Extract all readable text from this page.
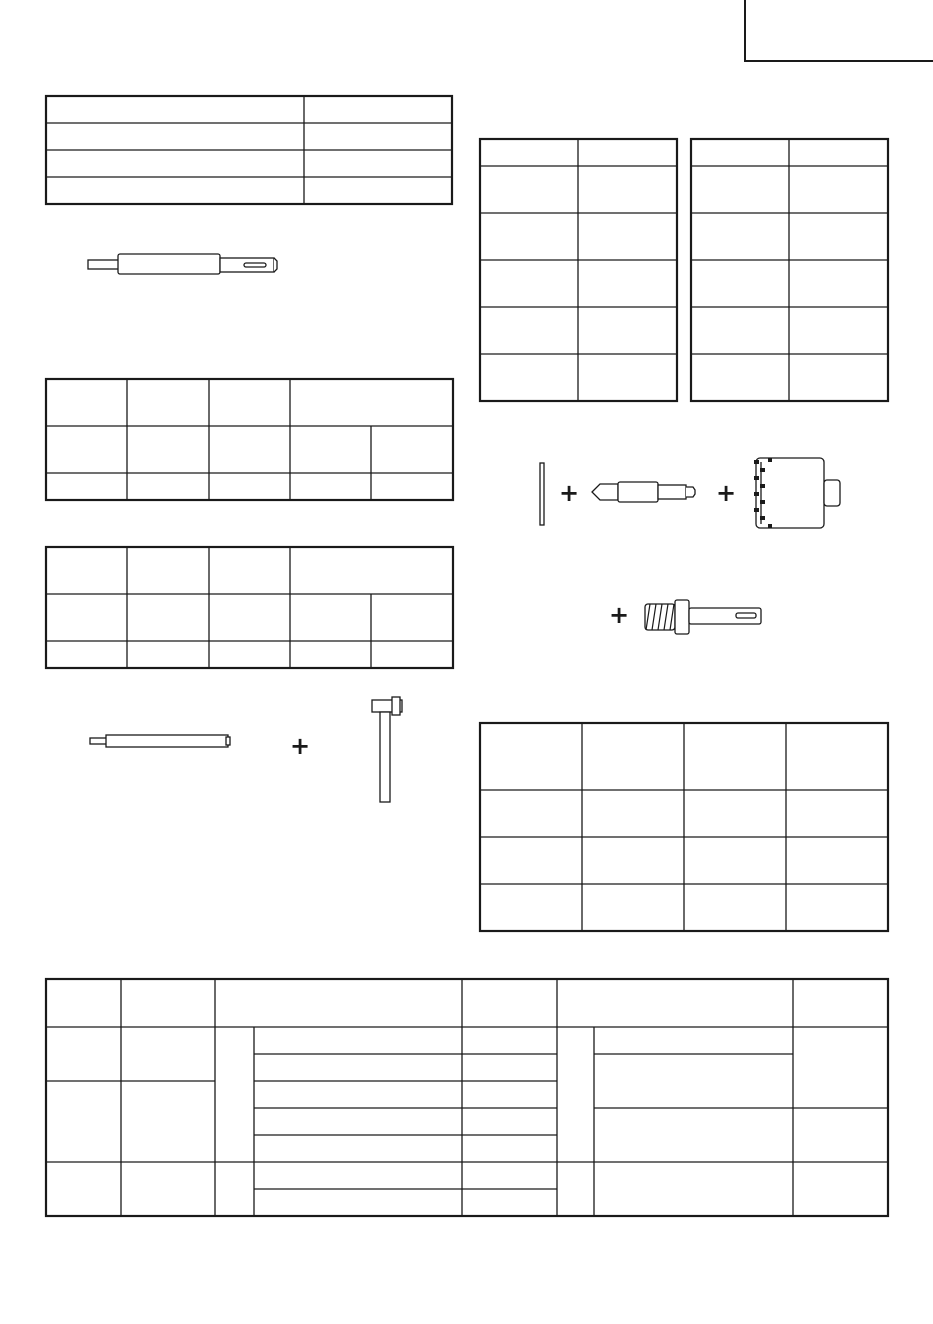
+	+
+
+
